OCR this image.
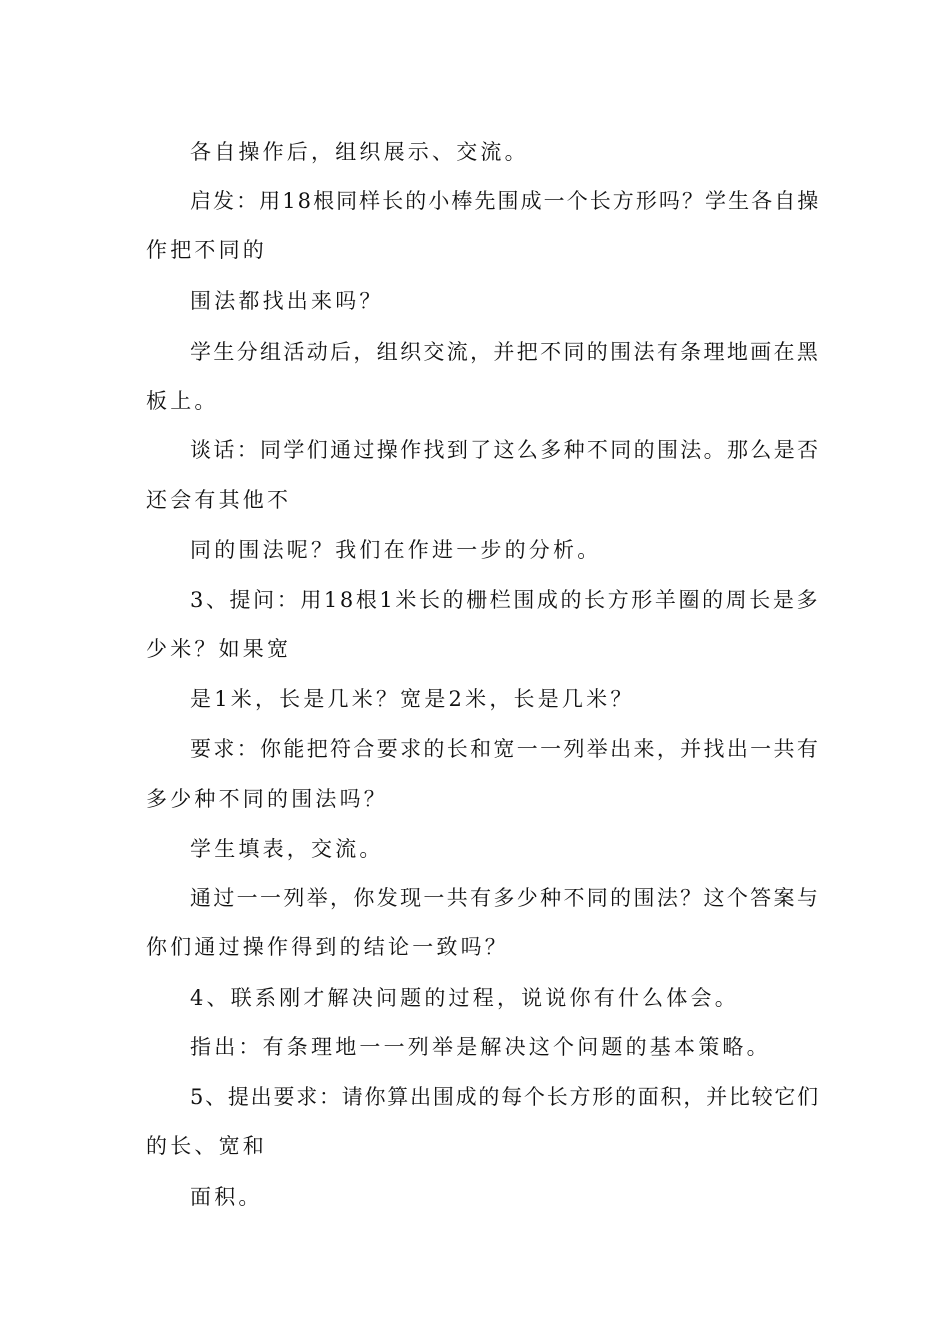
各自操作后，组织展示、交流。
启发：用18根同样长的小棒先围成一个长方形吗？学生各自操
作把不同的
围法都找出来吗？
学生分组活动后，组织交流，并把不同的围法有条理地画在黑
板上。
谈话：同学们通过操作找到了这么多种不同的围法。那么是否
还会有其他不
同的围法呢？我们在作进一步的分析。
3、提问：用18根1米长的栅栏围成的长方形羊圈的周长是多
少米？如果宽
是1米，长是几米？宽是2米，长是几米？
要求：你能把符合要求的长和宽一一列举出来，并找出一共有
多少种不同的围法吗？
学生填表，交流。
通过一一列举，你发现一共有多少种不同的围法？这个答案与
你们通过操作得到的结论一致吗？
4、联系刚才解决问题的过程，说说你有什么体会。
指出：有条理地一一列举是解决这个问题的基本策略。
5、提出要求：请你算出围成的每个长方形的面积，并比较它们
的长、宽和
面积。
